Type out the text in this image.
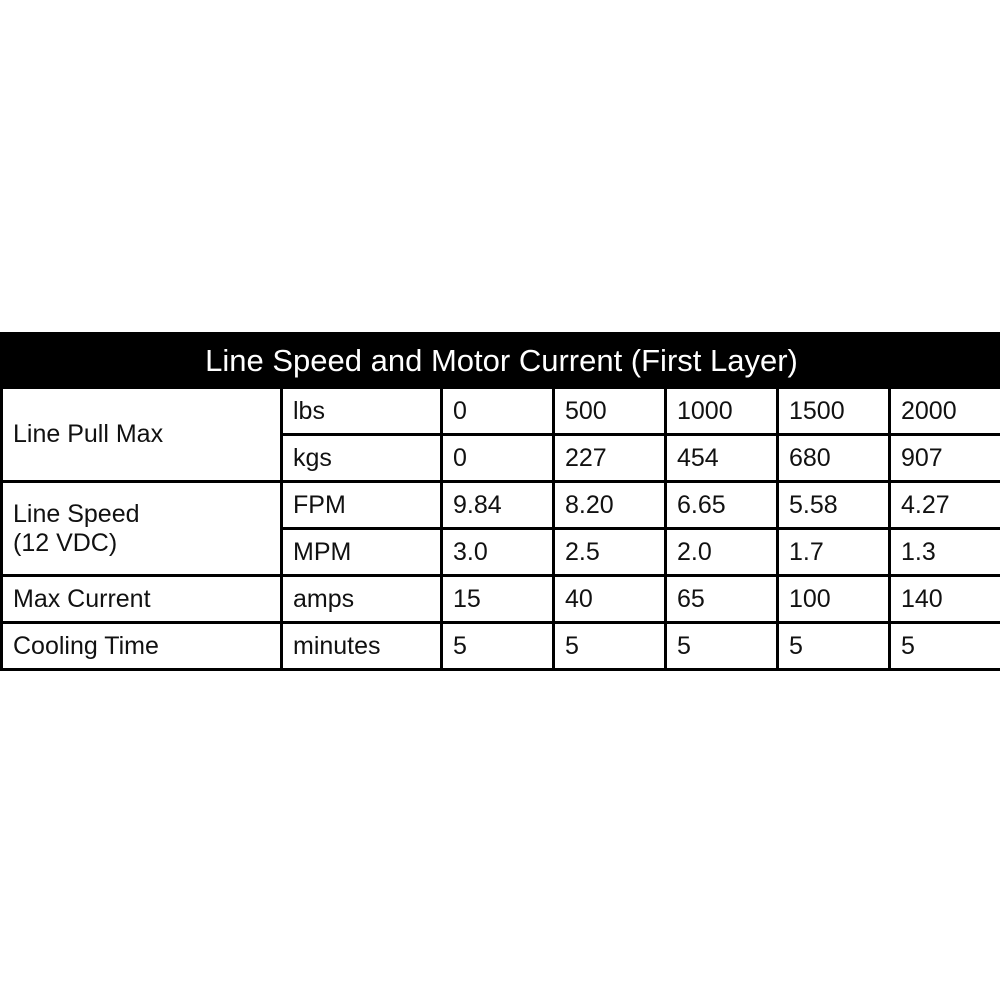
Line Speed and Motor Current (First Layer)						
Line Pull Max	lbs	0	500	1000	1500	2000
	kgs	0	227	454	680	907

Line Speed
(12 VDC)	FPM	9.84	8.20	6.65	5.58	4.27
	MPM	3.0	2.5	2.0	1.7	1.3
Max Current	amps	15	40	65	100	140
Cooling Time	minutes	5	5	5	5	5
